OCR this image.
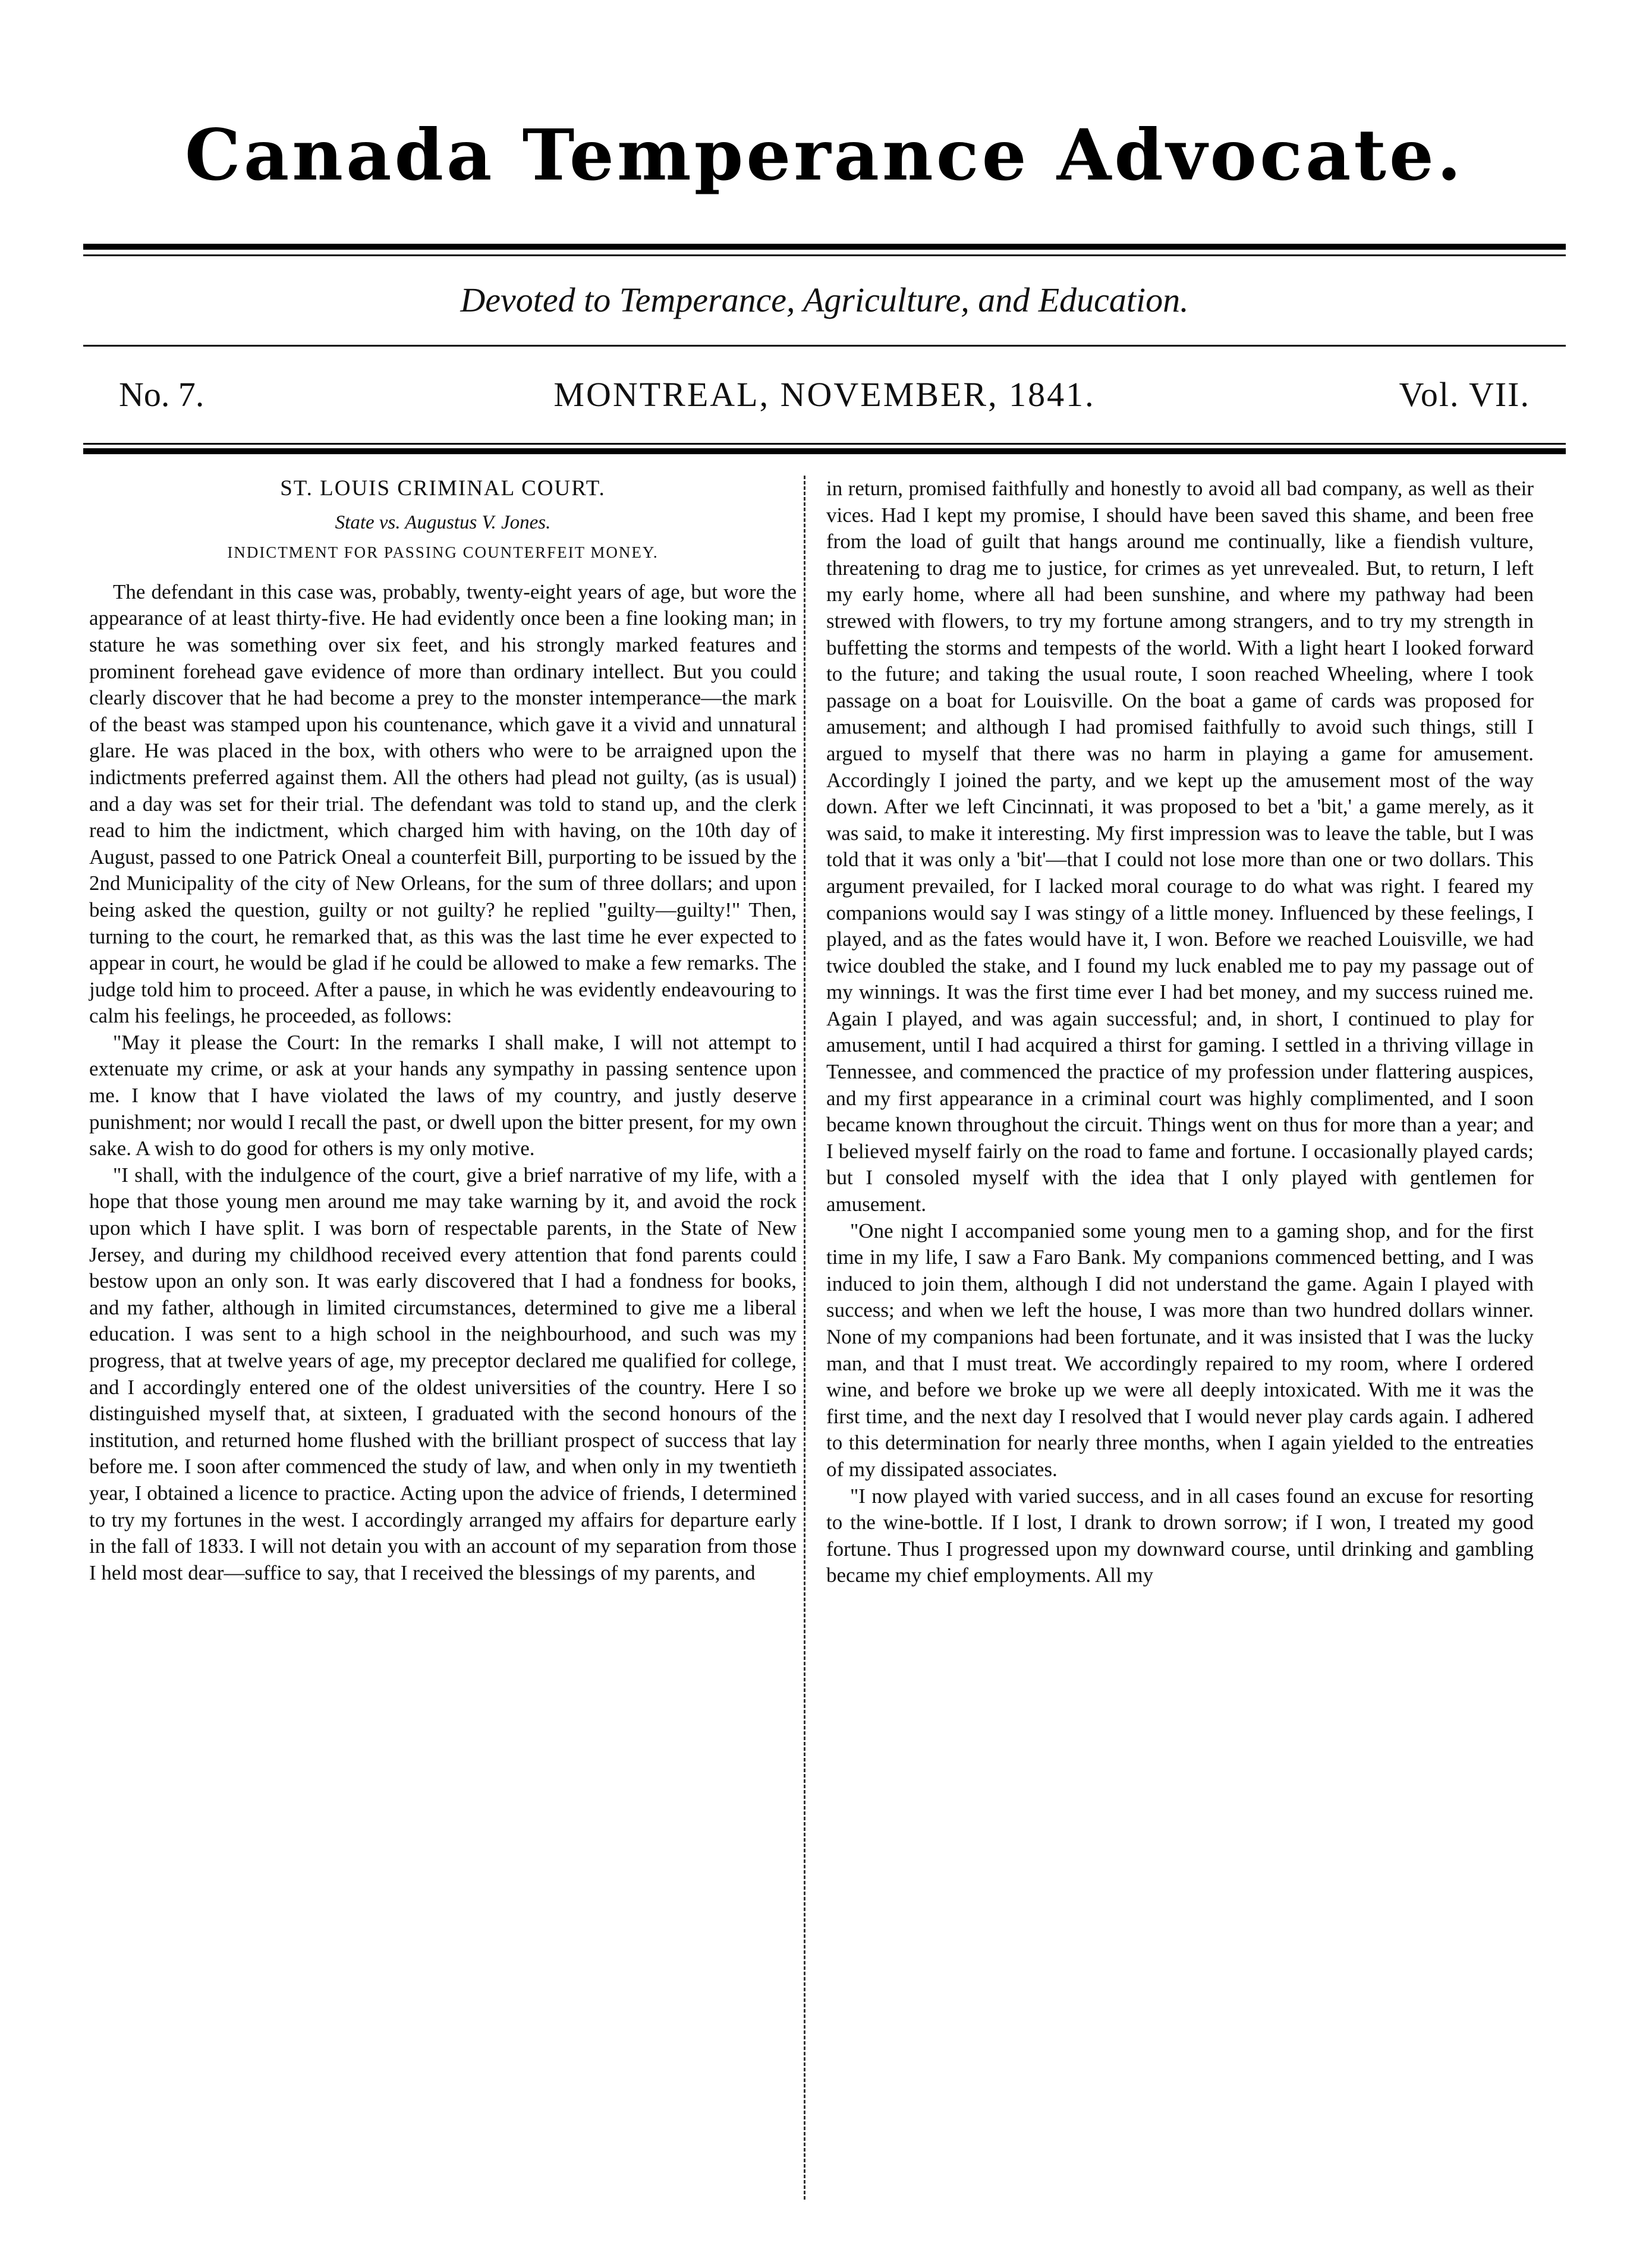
Canada Temperance Advocate.
Devoted to Temperance, Agriculture, and Education.
No. 7.	MONTREAL, NOVEMBER, 1841.	Vol. VII.

ST. LOUIS CRIMINAL COURT.

State vs. Augustus V. Jones.

INDICTMENT FOR PASSING COUNTERFEIT MONEY.

The defendant in this case was, probably, twenty-eight years of age, but wore the appearance of at least thirty-five. He had evidently once been a fine looking man; in stature he was something over six feet, and his strongly marked features and prominent forehead gave evidence of more than ordinary intellect. But you could clearly discover that he had become a prey to the monster intemperance—the mark of the beast was stamped upon his countenance, which gave it a vivid and unnatural glare. He was placed in the box, with others who were to be arraigned upon the indictments preferred against them. All the others had plead not guilty, (as is usual) and a day was set for their trial. The defendant was told to stand up, and the clerk read to him the indictment, which charged him with having, on the 10th day of August, passed to one Patrick Oneal a counterfeit Bill, purporting to be issued by the 2nd Municipality of the city of New Orleans, for the sum of three dollars; and upon being asked the question, guilty or not guilty? he replied "guilty—guilty!" Then, turning to the court, he remarked that, as this was the last time he ever expected to appear in court, he would be glad if he could be allowed to make a few remarks. The judge told him to proceed. After a pause, in which he was evidently endeavouring to calm his feelings, he proceeded, as follows:

"May it please the Court: In the remarks I shall make, I will not attempt to extenuate my crime, or ask at your hands any sympathy in passing sentence upon me. I know that I have violated the laws of my country, and justly deserve punishment; nor would I recall the past, or dwell upon the bitter present, for my own sake. A wish to do good for others is my only motive.

"I shall, with the indulgence of the court, give a brief narrative of my life, with a hope that those young men around me may take warning by it, and avoid the rock upon which I have split. I was born of respectable parents, in the State of New Jersey, and during my childhood received every attention that fond parents could bestow upon an only son. It was early discovered that I had a fondness for books, and my father, although in limited circumstances, determined to give me a liberal education. I was sent to a high school in the neighbourhood, and such was my progress, that at twelve years of age, my preceptor declared me qualified for college, and I accordingly entered one of the oldest universities of the country. Here I so distinguished myself that, at sixteen, I graduated with the second honours of the institution, and returned home flushed with the brilliant prospect of success that lay before me. I soon after commenced the study of law, and when only in my twentieth year, I obtained a licence to practice. Acting upon the advice of friends, I determined to try my fortunes in the west. I accordingly arranged my affairs for departure early in the fall of 1833. I will not detain you with an account of my separation from those I held most dear—suffice to say, that I received the blessings of my parents, and

in return, promised faithfully and honestly to avoid all bad company, as well as their vices. Had I kept my promise, I should have been saved this shame, and been free from the load of guilt that hangs around me continually, like a fiendish vulture, threatening to drag me to justice, for crimes as yet unrevealed. But, to return, I left my early home, where all had been sunshine, and where my pathway had been strewed with flowers, to try my fortune among strangers, and to try my strength in buffetting the storms and tempests of the world. With a light heart I looked forward to the future; and taking the usual route, I soon reached Wheeling, where I took passage on a boat for Louisville. On the boat a game of cards was proposed for amusement; and although I had promised faithfully to avoid such things, still I argued to myself that there was no harm in playing a game for amusement. Accordingly I joined the party, and we kept up the amusement most of the way down. After we left Cincinnati, it was proposed to bet a 'bit,' a game merely, as it was said, to make it interesting. My first impression was to leave the table, but I was told that it was only a 'bit'—that I could not lose more than one or two dollars. This argument prevailed, for I lacked moral courage to do what was right. I feared my companions would say I was stingy of a little money. Influenced by these feelings, I played, and as the fates would have it, I won. Before we reached Louisville, we had twice doubled the stake, and I found my luck enabled me to pay my passage out of my winnings. It was the first time ever I had bet money, and my success ruined me. Again I played, and was again successful; and, in short, I continued to play for amusement, until I had acquired a thirst for gaming. I settled in a thriving village in Tennessee, and commenced the practice of my profession under flattering auspices, and my first appearance in a criminal court was highly complimented, and I soon became known throughout the circuit. Things went on thus for more than a year; and I believed myself fairly on the road to fame and fortune. I occasionally played cards; but I consoled myself with the idea that I only played with gentlemen for amusement.

"One night I accompanied some young men to a gaming shop, and for the first time in my life, I saw a Faro Bank. My companions commenced betting, and I was induced to join them, although I did not understand the game. Again I played with success; and when we left the house, I was more than two hundred dollars winner. None of my companions had been fortunate, and it was insisted that I was the lucky man, and that I must treat. We accordingly repaired to my room, where I ordered wine, and before we broke up we were all deeply intoxicated. With me it was the first time, and the next day I resolved that I would never play cards again. I adhered to this determination for nearly three months, when I again yielded to the entreaties of my dissipated associates.

"I now played with varied success, and in all cases found an excuse for resorting to the wine-bottle. If I lost, I drank to drown sorrow; if I won, I treated my good fortune. Thus I progressed upon my downward course, until drinking and gambling became my chief employments. All my
